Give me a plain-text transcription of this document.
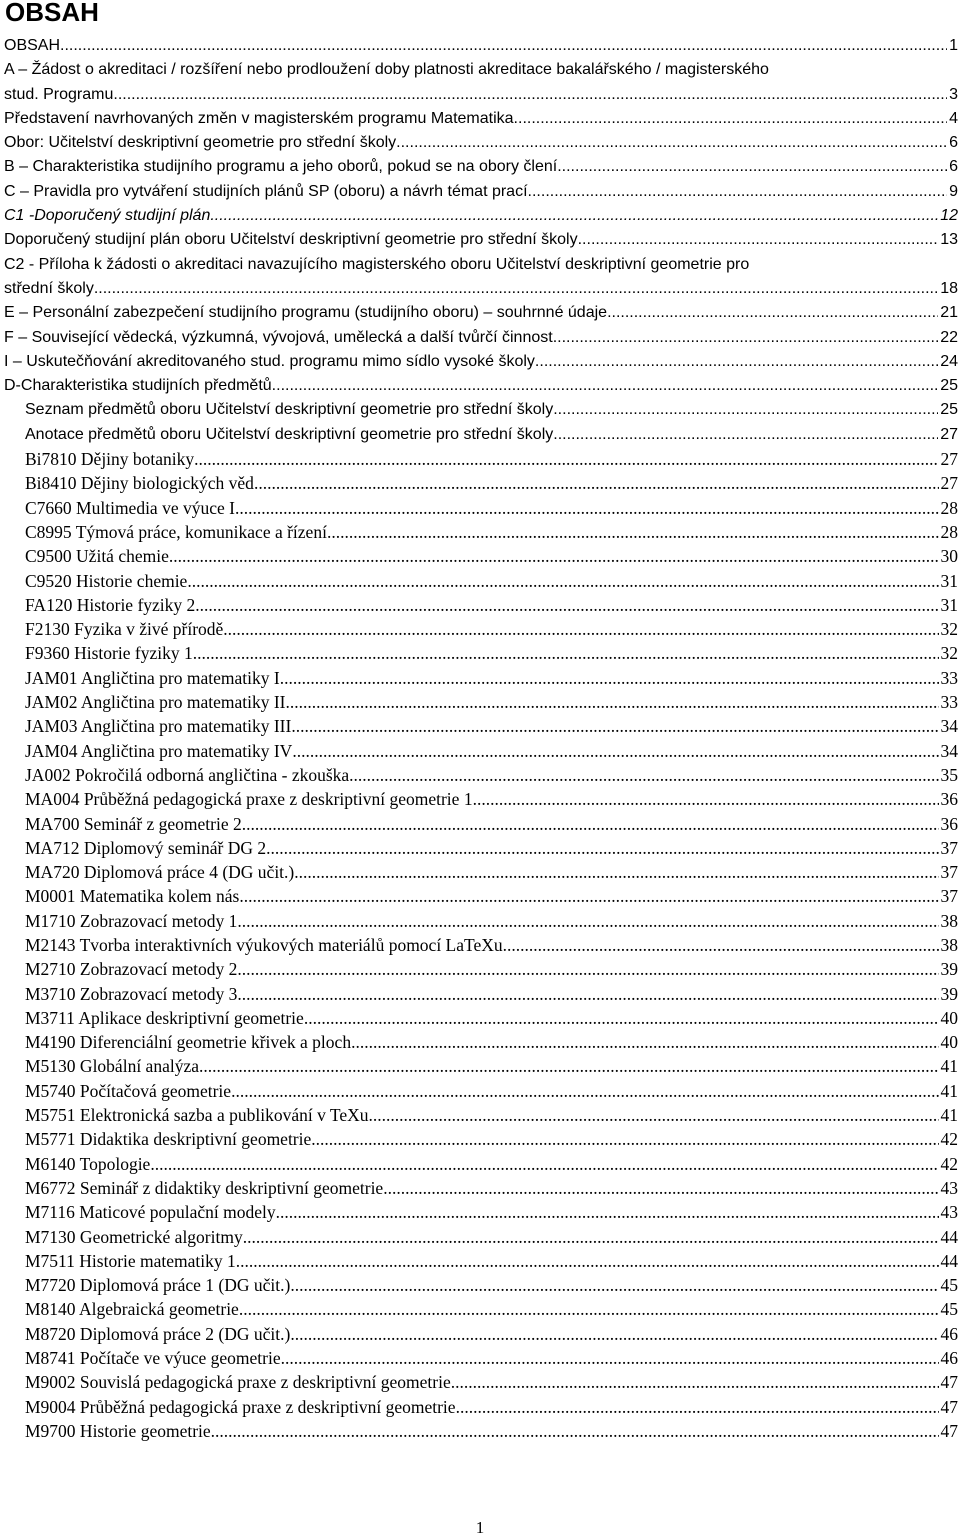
OBSAH
OBSAH .....	1
A – Žádost o akreditaci / rozšíření nebo prodloužení doby platnosti akreditace bakalářského / magisterského
stud. Programu .....	3
Představení navrhovaných změn v magisterském programu Matematika .....	4
Obor: Učitelství deskriptivní geometrie pro střední školy .....	6
B – Charakteristika studijního programu a jeho oborů, pokud se na obory člení .....	6
C – Pravidla pro vytváření studijních plánů SP (oboru) a návrh témat prací .....	9
C1 -Doporučený studijní plán .....	12
Doporučený studijní plán oboru Učitelství deskriptivní geometrie pro střední školy .....	13
C2 - Příloha k žádosti o akreditaci navazujícího magisterského oboru Učitelství deskriptivní geometrie pro
střední školy .....	18
E – Personální zabezpečení studijního programu (studijního oboru) – souhrnné údaje .....	21
F – Související vědecká, výzkumná, vývojová, umělecká a další tvůrčí činnost .....	22
I – Uskutečňování akreditovaného stud. programu mimo sídlo vysoké školy .....	24
D-Charakteristika studijních předmětů .....	25
Seznam předmětů oboru Učitelství deskriptivní geometrie pro střední školy .....	25
Anotace předmětů oboru Učitelství deskriptivní geometrie pro střední školy .....	27
Bi7810 Dějiny botaniky .....	27
Bi8410 Dějiny biologických věd .....	27
C7660 Multimedia ve výuce I .....	28
C8995 Týmová práce, komunikace a řízení .....	28
C9500 Užitá chemie .....	30
C9520 Historie chemie .....	31
FA120 Historie fyziky 2 .....	31
F2130 Fyzika v živé přírodě .....	32
F9360 Historie fyziky 1 .....	32
JAM01 Angličtina pro matematiky I .....	33
JAM02 Angličtina pro matematiky II .....	33
JAM03 Angličtina pro matematiky III .....	34
JAM04 Angličtina pro matematiky IV .....	34
JA002 Pokročilá odborná angličtina - zkouška .....	35
MA004 Průběžná pedagogická praxe z deskriptivní geometrie 1 .....	36
MA700 Seminář z geometrie 2 .....	36
MA712 Diplomový seminář DG 2 .....	37
MA720 Diplomová práce 4 (DG učit.) .....	37
M0001 Matematika kolem nás .....	37
M1710 Zobrazovací metody 1 .....	38
M2143 Tvorba interaktivních výukových materiálů pomocí LaTeXu .....	38
M2710 Zobrazovací metody 2 .....	39
M3710 Zobrazovací metody 3 .....	39
M3711 Aplikace deskriptivní geometrie .....	40
M4190 Diferenciální geometrie křivek a ploch .....	40
M5130 Globální analýza .....	41
M5740 Počítačová geometrie .....	41
M5751 Elektronická sazba a publikování v TeXu .....	41
M5771 Didaktika deskriptivní geometrie .....	42
M6140 Topologie .....	42
M6772 Seminář z didaktiky deskriptivní geometrie .....	43
M7116 Maticové populační modely .....	43
M7130 Geometrické algoritmy .....	44
M7511 Historie matematiky 1 .....	44
M7720 Diplomová práce 1 (DG učit.) .....	45
M8140 Algebraická geometrie .....	45
M8720 Diplomová práce 2 (DG učit.) .....	46
M8741 Počítače ve výuce geometrie .....	46
M9002 Souvislá pedagogická praxe z deskriptivní geometrie .....	47
M9004 Průběžná pedagogická praxe z deskriptivní geometrie .....	47
M9700 Historie geometrie .....	47
1
